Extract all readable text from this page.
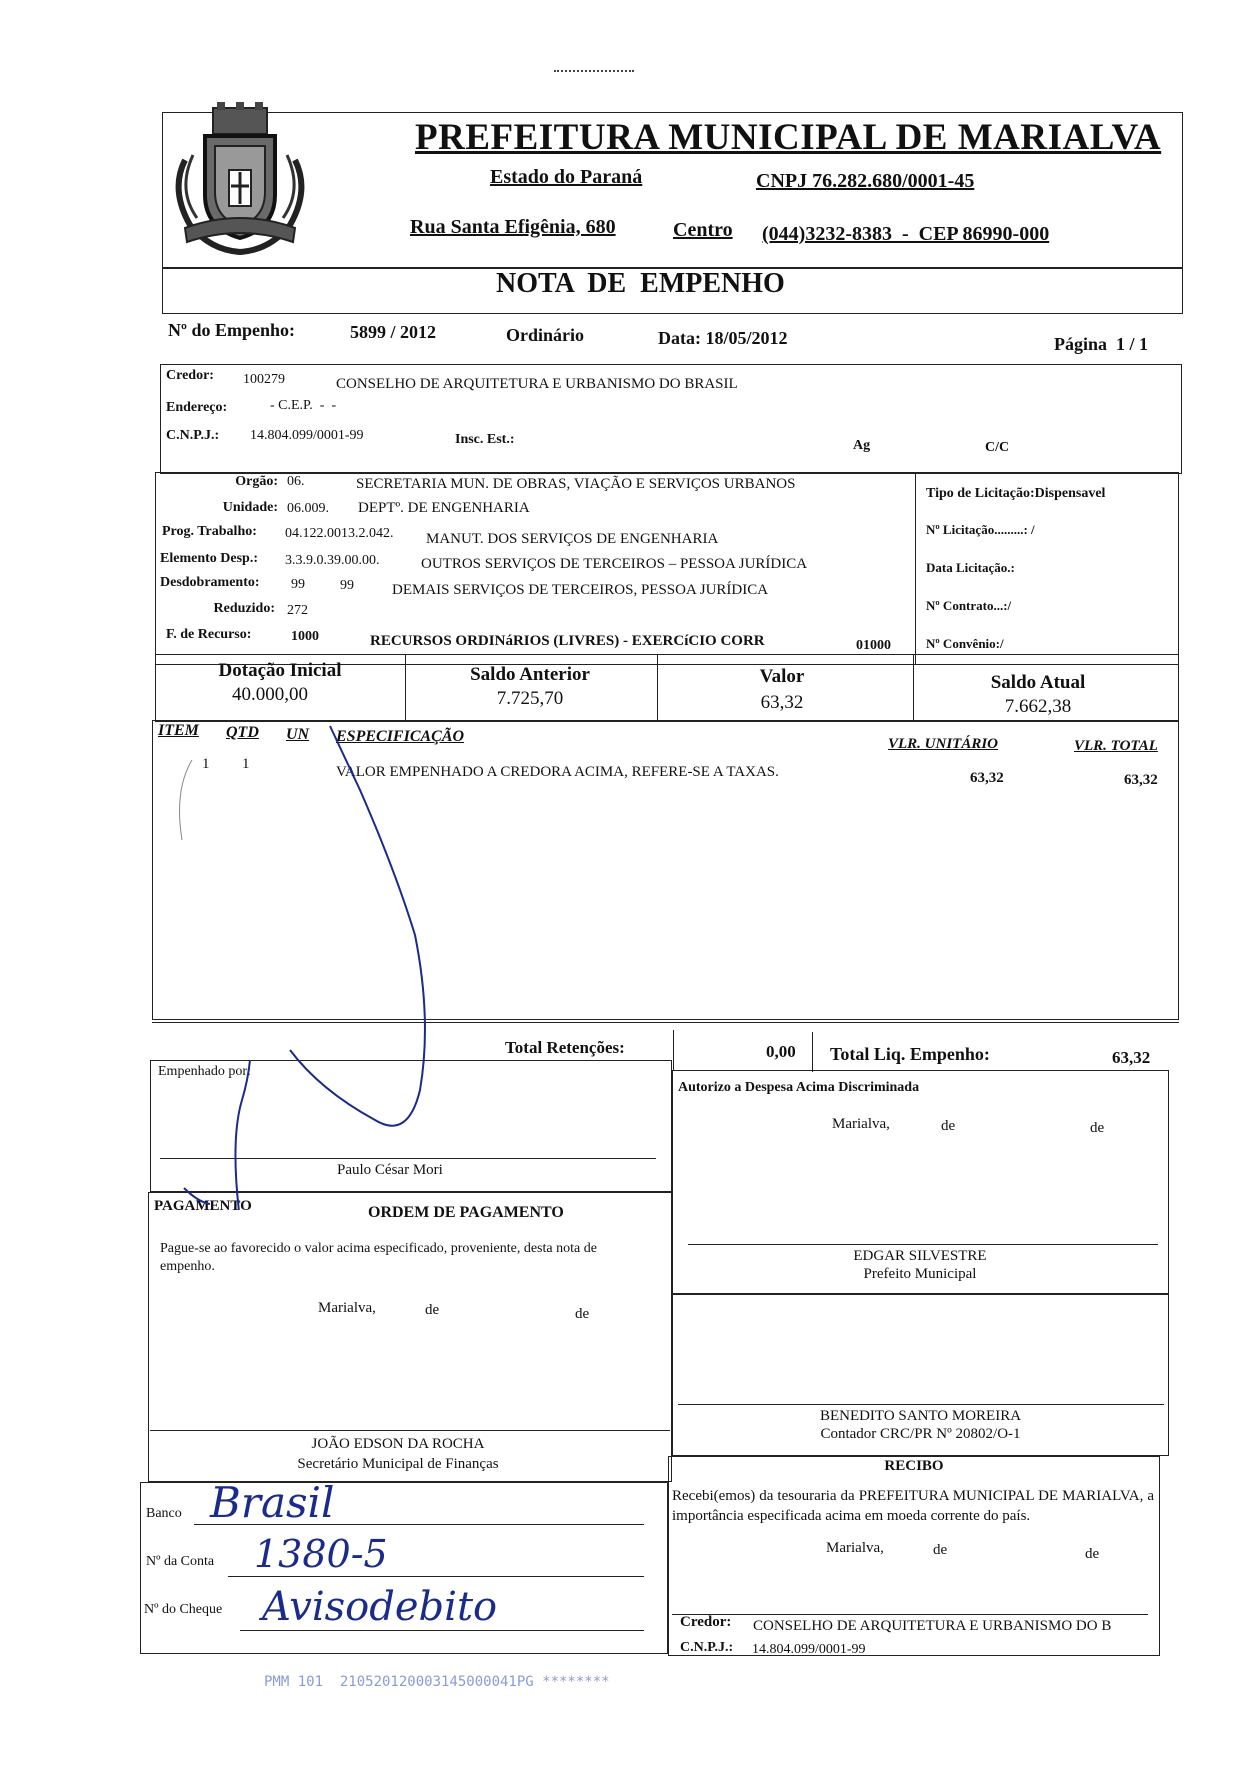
PREFEITURA MUNICIPAL DE MARIALVA
Estado do Paraná	CNPJ 76.282.680/0001-45
Rua Santa Efigênia, 680	Centro (044)3232-8383  -  CEP 86990-000
NOTA  DE  EMPENHO
Nº do Empenho:	5899 / 2012	Ordinário	Data: 18/05/2012	Página  1 / 1
Credor: 100279	CONSELHO DE ARQUITETURA E URBANISMO DO BRASIL
Endereço:	- C.E.P.  -  -
C.N.P.J.: 14.804.099/0001-99	Insc. Est.:	Ag	C/C
Orgão: 06.	SECRETARIA MUN. DE OBRAS, VIAÇÃO E SERVIÇOS URBANOS
Unidade: 06.009. DEPTº. DE ENGENHARIA
Prog. Trabalho: 04.122.0013.2.042. MANUT. DOS SERVIÇOS DE ENGENHARIA
Elemento Desp.: 3.3.9.0.39.00.00.	OUTROS SERVIÇOS DE TERCEIROS – PESSOA JURÍDICA
Desdobramento: 99	99	DEMAIS SERVIÇOS DE TERCEIROS, PESSOA JURÍDICA
Reduzido: 272
F. de Recurso:	1000	RECURSOS ORDINáRIOS (LIVRES) - EXERCíCIO CORR	01000
Tipo de Licitação:Dispensavel
Nº Licitação.........: /
Data Licitação.:
Nº Contrato...:/
Nº Convênio:/
Dotação Inicial
40.000,00
Saldo Anterior
7.725,70
Valor
63,32
Saldo Atual
7.662,38
ITEM QTD UN ESPECIFICAÇÃO	VLR. UNITÁRIO	VLR. TOTAL
1 1	VALOR EMPENHADO A CREDORA ACIMA, REFERE-SE A TAXAS.	63,32	63,32
Total Retenções:	0,00 Total Liq. Empenho:	63,32
Empenhado por:
Paulo César Mori
Autorizo a Despesa Acima Discriminada
Marialva,	de	de
EDGAR SILVESTRE
Prefeito Municipal
PAGAMENTO	ORDEM DE PAGAMENTO
Pague-se ao favorecido o valor acima especificado, proveniente, desta nota de empenho.
Marialva,	de	de
JOÃO EDSON DA ROCHA
Secretário Municipal de Finanças
BENEDITO SANTO MOREIRA
Contador CRC/PR Nº 20802/O-1
RECIBO
Recebi(emos) da tesouraria da PREFEITURA MUNICIPAL DE MARIALVA, a importância especificada acima em moeda corrente do país.
Marialva,	de	de
Credor: CONSELHO DE ARQUITETURA E URBANISMO DO B
C.N.P.J.: 14.804.099/0001-99
Banco Brasil
Nº da Conta 1380-5
Nº do Cheque Avisodebito
PMM 101  210520120003145000041PG ********
